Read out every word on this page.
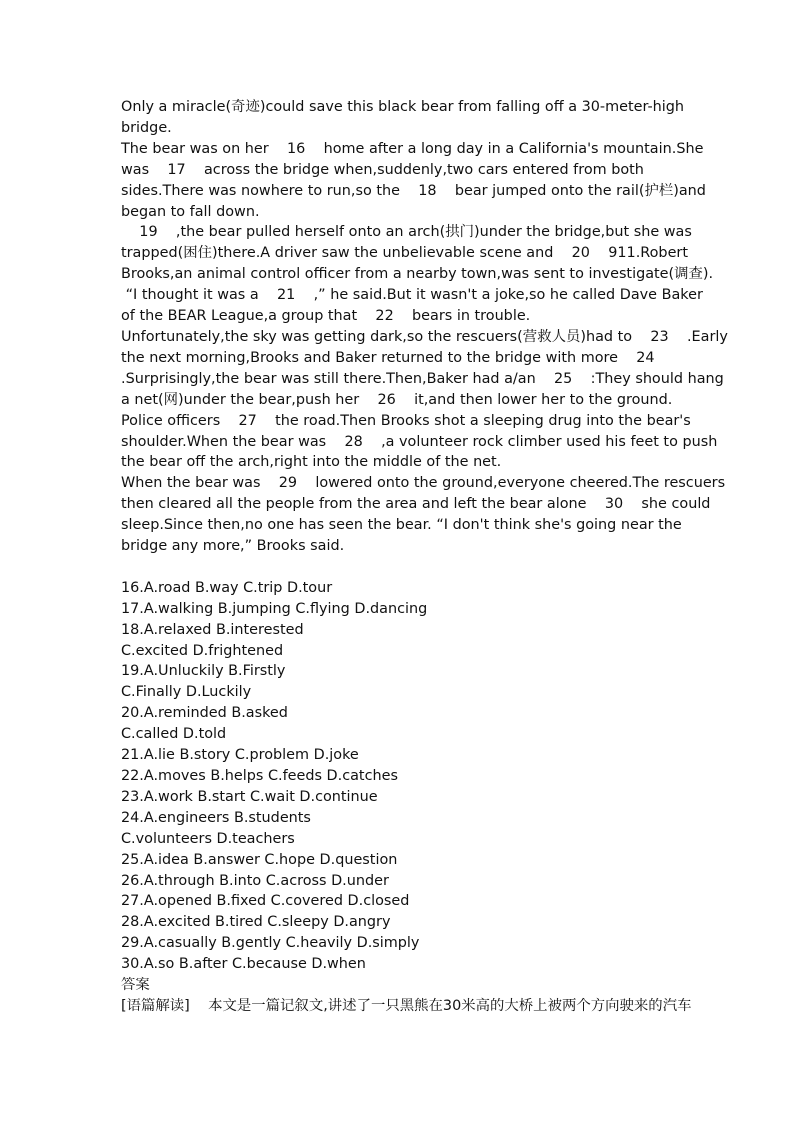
Only a miracle(奇迹)could save this black bear from falling off a 30-meter-high
bridge.
The bear was on her    16    home after a long day in a California's mountain.She
was    17    across the bridge when,suddenly,two cars entered from both
sides.There was nowhere to run,so the    18    bear jumped onto the rail(护栏)and
began to fall down.
19    ,the bear pulled herself onto an arch(拱门)under the bridge,but she was
trapped(困住)there.A driver saw the unbelievable scene and    20    911.Robert
Brooks,an animal control officer from a nearby town,was sent to investigate(调查).
“I thought it was a    21    ,” he said.But it wasn't a joke,so he called Dave Baker
of the BEAR League,a group that    22    bears in trouble.
Unfortunately,the sky was getting dark,so the rescuers(营救人员)had to    23    .Early
the next morning,Brooks and Baker returned to the bridge with more    24
.Surprisingly,the bear was still there.Then,Baker had a/an    25    :They should hang
a net(网)under the bear,push her    26    it,and then lower her to the ground.
Police officers    27    the road.Then Brooks shot a sleeping drug into the bear's
shoulder.When the bear was    28    ,a volunteer rock climber used his feet to push
the bear off the arch,right into the middle of the net.
When the bear was    29    lowered onto the ground,everyone cheered.The rescuers
then cleared all the people from the area and left the bear alone    30    she could
sleep.Since then,no one has seen the bear. “I don't think she's going near the
bridge any more,” Brooks said.
16.A.road B.way C.trip D.tour
17.A.walking B.jumping C.flying D.dancing
18.A.relaxed B.interested
C.excited D.frightened
19.A.Unluckily B.Firstly
C.Finally D.Luckily
20.A.reminded B.asked
C.called D.told
21.A.lie B.story C.problem D.joke
22.A.moves B.helps C.feeds D.catches
23.A.work B.start C.wait D.continue
24.A.engineers B.students
C.volunteers D.teachers
25.A.idea B.answer C.hope D.question
26.A.through B.into C.across D.under
27.A.opened B.fixed C.covered D.closed
28.A.excited B.tired C.sleepy D.angry
29.A.casually B.gently C.heavily D.simply
30.A.so B.after C.because D.when
答案
[语篇解读]    本文是一篇记叙文,讲述了一只黑熊在30米高的大桥上被两个方向驶来的汽车
